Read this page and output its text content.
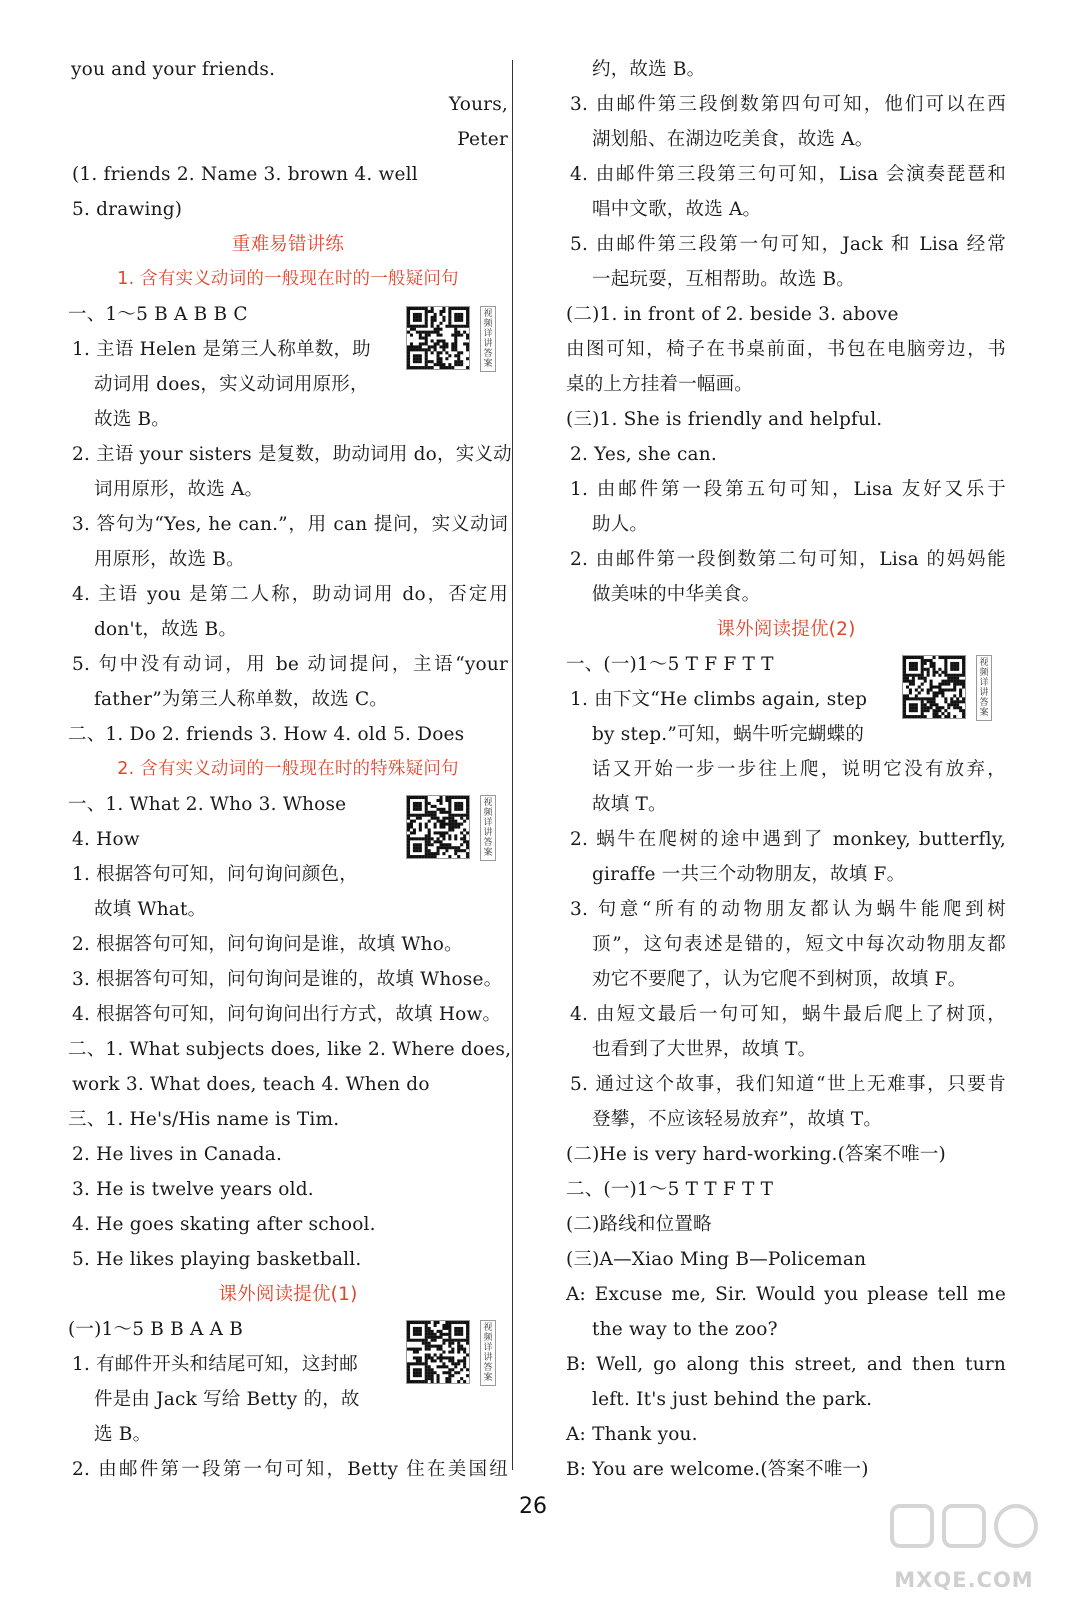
you and your friends.
Yours,
Peter
(1. friends 2. Name 3. brown 4. well
5. drawing)
重难易错讲练
1. 含有实义动词的一般现在时的一般疑问句
一、1～5 B A B B C
1. 主语 Helen 是第三人称单数，助
动词用 does，实义动词用原形，
故选 B。
2. 主语 your sisters 是复数，助动词用 do，实义动
词用原形，故选 A。
3. 答句为“Yes, he can.”，用 can 提问，实义动词
用原形，故选 B。
4. 主语 you 是第二人称，助动词用 do，否定用
don't，故选 B。
5. 句中没有动词，用 be 动词提问，主语“your
father”为第三人称单数，故选 C。
二、1. Do 2. friends 3. How 4. old 5. Does
2. 含有实义动词的一般现在时的特殊疑问句
一、1. What 2. Who 3. Whose
4. How
1. 根据答句可知，问句询问颜色，
故填 What。
2. 根据答句可知，问句询问是谁，故填 Who。
3. 根据答句可知，问句询问是谁的，故填 Whose。
4. 根据答句可知，问句询问出行方式，故填 How。
二、1. What subjects does, like 2. Where does,
work 3. What does, teach 4. When do
三、1. He's/His name is Tim.
2. He lives in Canada.
3. He is twelve years old.
4. He goes skating after school.
5. He likes playing basketball.
课外阅读提优(1)
(一)1～5 B B A A B
1. 有邮件开头和结尾可知，这封邮
件是由 Jack 写给 Betty 的，故
选 B。
2. 由邮件第一段第一句可知，Betty 住在美国纽
约，故选 B。
3. 由邮件第三段倒数第四句可知，他们可以在西
湖划船、在湖边吃美食，故选 A。
4. 由邮件第三段第三句可知，Lisa 会演奏琵琶和
唱中文歌，故选 A。
5. 由邮件第三段第一句可知，Jack 和 Lisa 经常
一起玩耍，互相帮助。故选 B。
(二)1. in front of 2. beside 3. above
由图可知，椅子在书桌前面，书包在电脑旁边，书
桌的上方挂着一幅画。
(三)1. She is friendly and helpful.
2. Yes, she can.
1. 由邮件第一段第五句可知，Lisa 友好又乐于
助人。
2. 由邮件第一段倒数第二句可知，Lisa 的妈妈能
做美味的中华美食。
课外阅读提优(2)
一、(一)1～5 T F F T T
1. 由下文“He climbs again, step
by step.”可知，蜗牛听完蝴蝶的
话又开始一步一步往上爬，说明它没有放弃，
故填 T。
2. 蜗牛在爬树的途中遇到了 monkey, butterfly,
giraffe 一共三个动物朋友，故填 F。
3. 句意“所有的动物朋友都认为蜗牛能爬到树
顶”，这句表述是错的，短文中每次动物朋友都
劝它不要爬了，认为它爬不到树顶，故填 F。
4. 由短文最后一句可知，蜗牛最后爬上了树顶，
也看到了大世界，故填 T。
5. 通过这个故事，我们知道“世上无难事，只要肯
登攀，不应该轻易放弃”，故填 T。
(二)He is very hard-working.(答案不唯一)
二、(一)1～5 T T F T T
(二)路线和位置略
(三)A—Xiao Ming B—Policeman
A: Excuse me, Sir. Would you please tell me
the way to the zoo?
B: Well, go along this street, and then turn
left. It's just behind the park.
A: Thank you.
B: You are welcome.(答案不唯一)
视频详讲答案
视频详讲答案
视频详讲答案
视频详讲答案
26
MXQE.COM
